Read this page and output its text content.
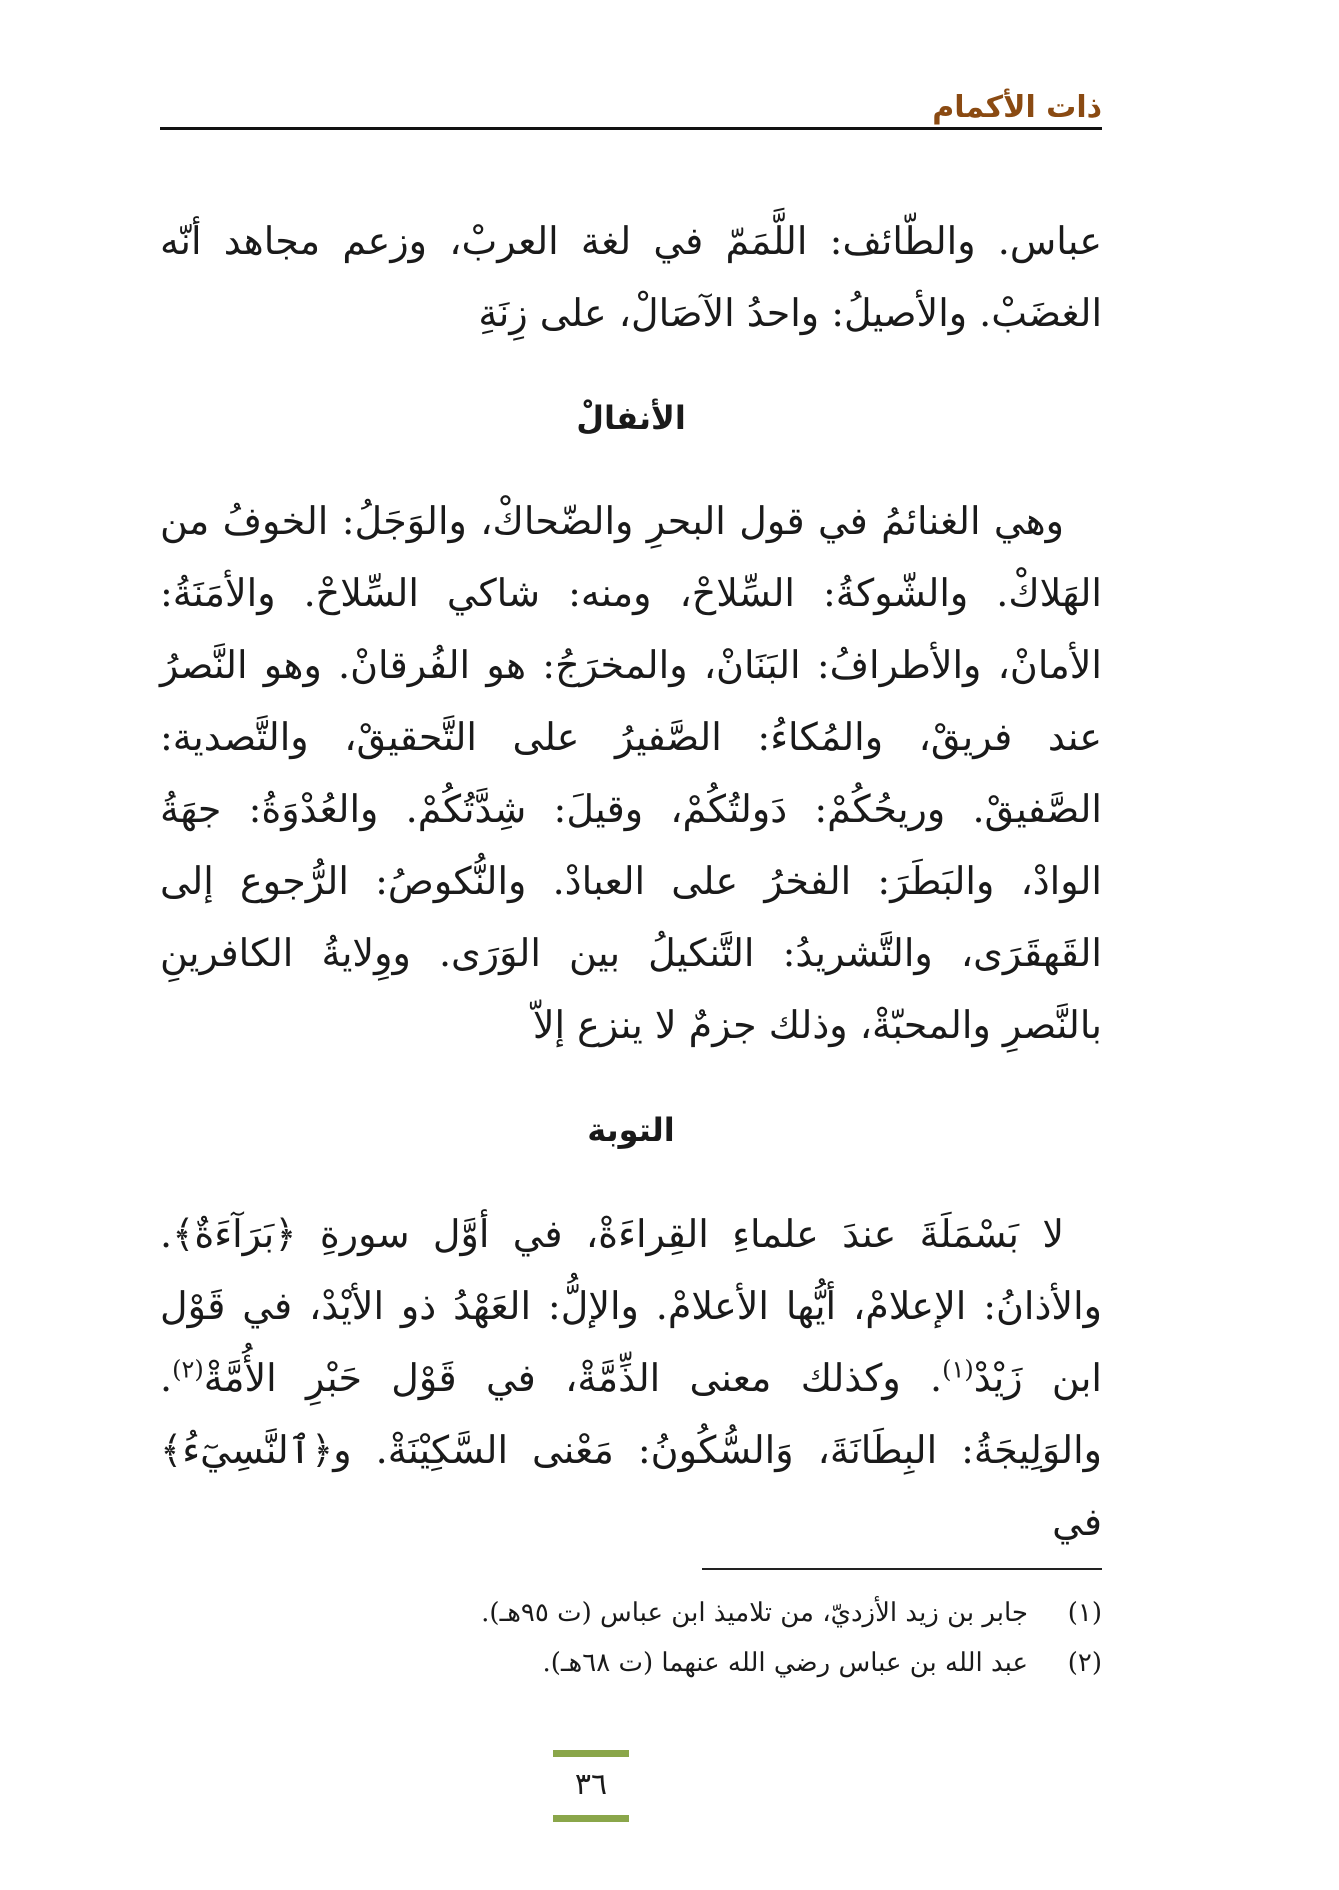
ذات الأكمام

عباس. والطّائف: اللَّمَمّ في لغة العربْ، وزعم مجاهد أنّه الغضَبْ. والأصيلُ: واحدُ الآصَالْ، على زِنَةِ

الأنفالْ

وهي الغنائمُ في قول البحرِ والضّحاكْ، والوَجَلُ: الخوفُ من الهَلاكْ. والشّوكةُ: السِّلاحْ، ومنه: شاكي السِّلاحْ. والأمَنَةُ: الأمانْ، والأطرافُ: البَنَانْ، والمخرَجُ: هو الفُرقانْ. وهو النَّصرُ عند فريقْ، والمُكاءُ: الصَّفيرُ على التَّحقيقْ، والتَّصدية: الصَّفيقْ. وريحُكُمْ: دَولتُكُمْ، وقيلَ: شِدَّتُكُمْ. والعُدْوَةُ: جهَةُ الوادْ، والبَطَرَ: الفخرُ على العبادْ. والنُّكوصُ: الرُّجوع إلى القَهقَرَى، والتَّشريدُ: التَّنكيلُ بين الوَرَى. ووِلايةُ الكافرينِ بالنَّصرِ والمحبّةْ، وذلك جزمٌ لا ينزع إلاّ

التوبة

لا بَسْمَلَةَ عندَ علماءِ القِراءَةْ، في أوَّل سورةِ ﴿بَرَآءَةٌ﴾. والأذانُ: الإعلامْ، أيُّها الأعلامْ. والإلُّ: العَهْدُ ذو الأيْدْ، في قَوْل ابن زَيْدْ$^{(١)}$. وكذلك معنى الذِّمَّةْ، في قَوْل حَبْرِ الأُمَّةْ$^{(٢)}$. والوَلِيجَةُ: البِطَانَةَ، وَالسُّكُونُ: مَعْنى السَّكِيْنَةْ. و﴿ٱلنَّسِيٓءُ﴾ في

(١)
جابر بن زيد الأزديّ، من تلاميذ ابن عباس (ت ٩٥هـ).
(٢)
عبد الله بن عباس رضي الله عنهما (ت ٦٨هـ).
٣٦
